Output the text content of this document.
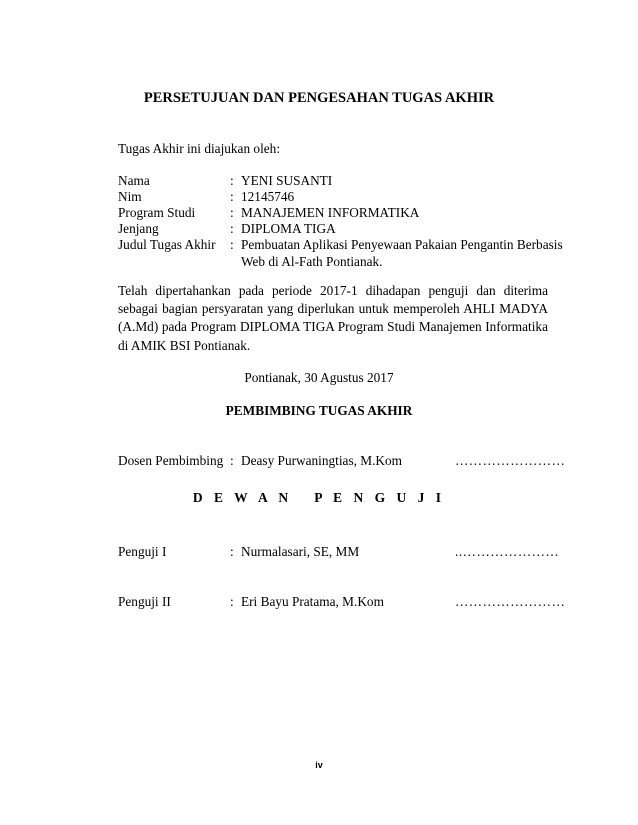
PERSETUJUAN DAN PENGESAHAN TUGAS AKHIR
Tugas Akhir ini diajukan oleh:
Nama	: YENI SUSANTI
Nim	: 12145746
Program Studi	: MANAJEMEN INFORMATIKA
Jenjang	: DIPLOMA TIGA
Judul Tugas Akhir : Pembuatan Aplikasi Penyewaan Pakaian Pengantin Berbasis
Web di Al-Fath Pontianak.
Telah dipertahankan pada periode 2017-1 dihadapan penguji dan diterima sebagai bagian persyaratan yang diperlukan untuk memperoleh AHLI MADYA (A.Md) pada Program DIPLOMA TIGA Program Studi Manajemen Informatika di AMIK BSI Pontianak.
Pontianak, 30 Agustus 2017
PEMBIMBING TUGAS AKHIR
Dosen Pembimbing : Deasy Purwaningtias, M.Kom	……………………
D E W A N   P E N G U J I
Penguji I	: Nurmalasari, SE, MM	..…………………
Penguji II	: Eri Bayu Pratama, M.Kom	……………………
iv
